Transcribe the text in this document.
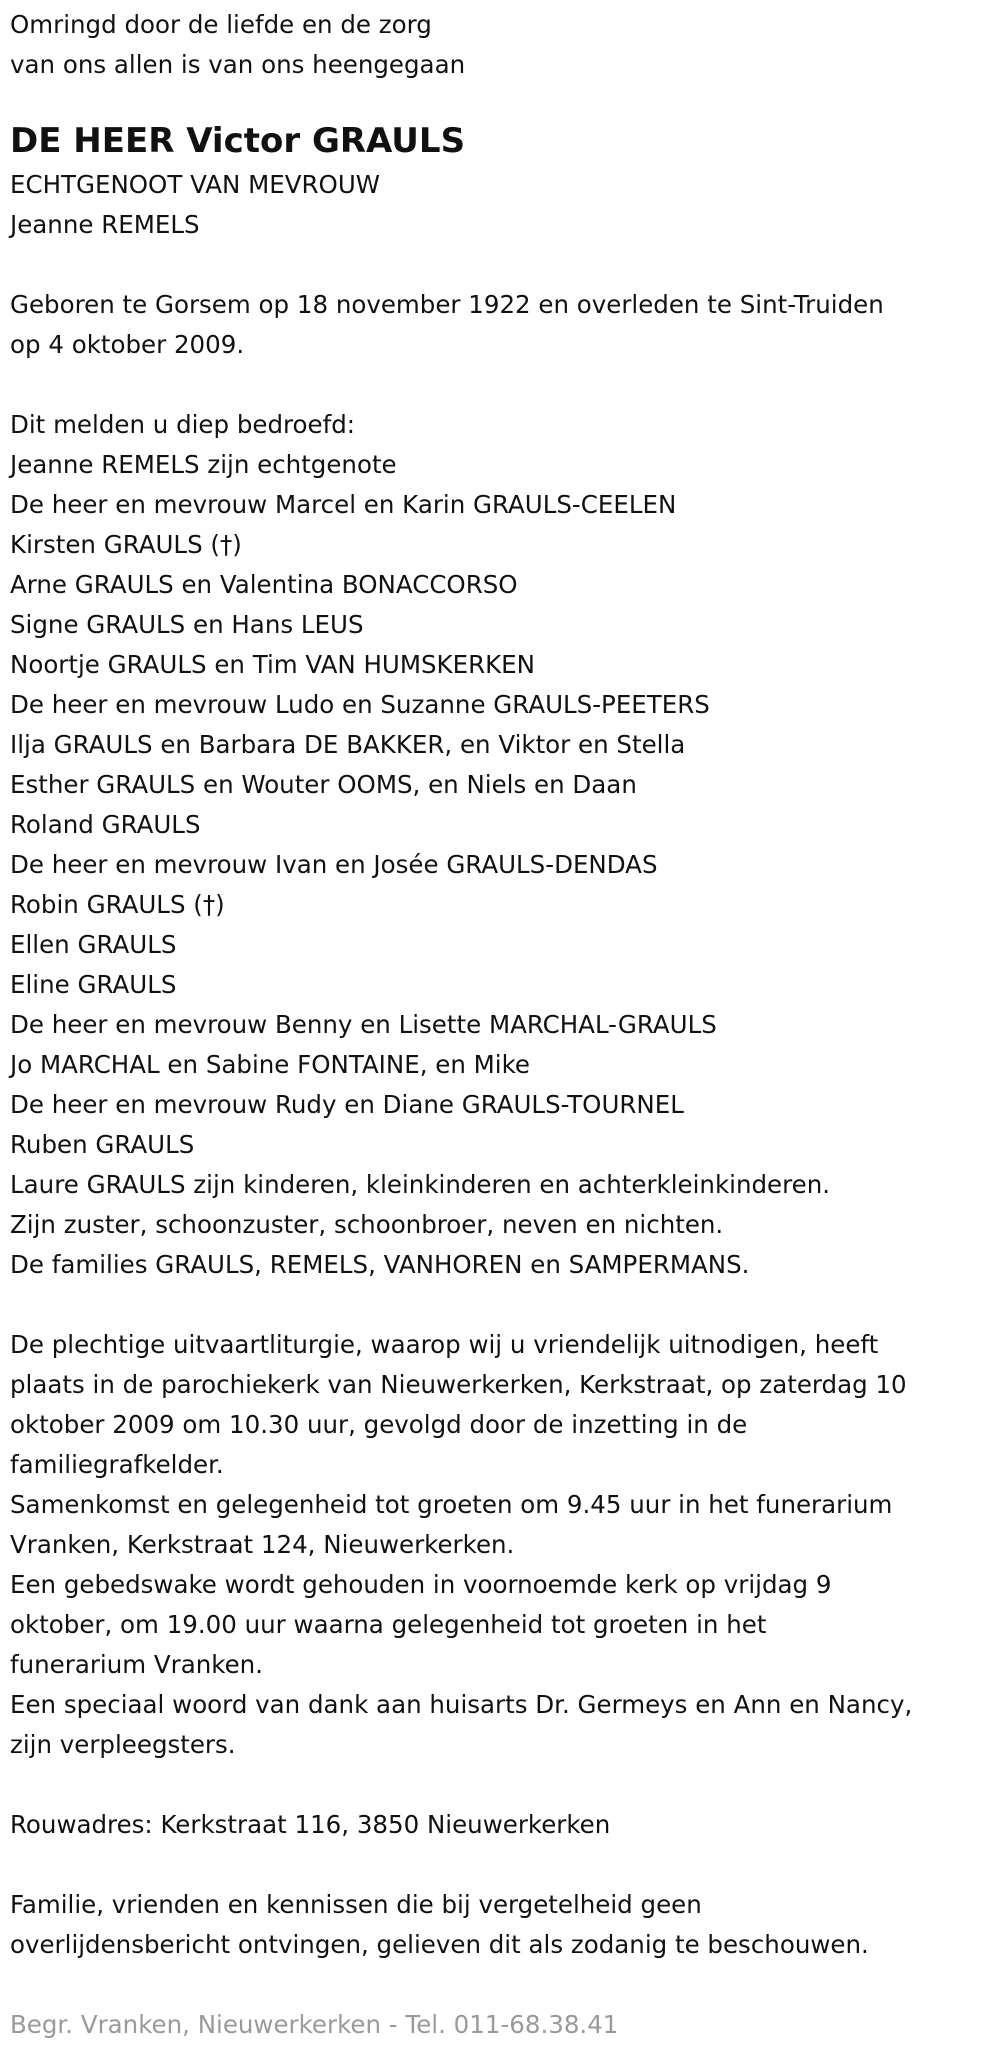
Omringd door de liefde en de zorg
van ons allen is van ons heengegaan
DE HEER Victor GRAULS
ECHTGENOOT VAN MEVROUW
Jeanne REMELS
Geboren te Gorsem op 18 november 1922 en overleden te Sint-Truiden
op 4 oktober 2009.
Dit melden u diep bedroefd:
Jeanne REMELS zijn echtgenote
De heer en mevrouw Marcel en Karin GRAULS-CEELEN
Kirsten GRAULS (†)
Arne GRAULS en Valentina BONACCORSO
Signe GRAULS en Hans LEUS
Noortje GRAULS en Tim VAN HUMSKERKEN
De heer en mevrouw Ludo en Suzanne GRAULS-PEETERS
Ilja GRAULS en Barbara DE BAKKER, en Viktor en Stella
Esther GRAULS en Wouter OOMS, en Niels en Daan
Roland GRAULS
De heer en mevrouw Ivan en Josée GRAULS-DENDAS
Robin GRAULS (†)
Ellen GRAULS
Eline GRAULS
De heer en mevrouw Benny en Lisette MARCHAL-GRAULS
Jo MARCHAL en Sabine FONTAINE, en Mike
De heer en mevrouw Rudy en Diane GRAULS-TOURNEL
Ruben GRAULS
Laure GRAULS zijn kinderen, kleinkinderen en achterkleinkinderen.
Zijn zuster, schoonzuster, schoonbroer, neven en nichten.
De families GRAULS, REMELS, VANHOREN en SAMPERMANS.
De plechtige uitvaartliturgie, waarop wij u vriendelijk uitnodigen, heeft
plaats in de parochiekerk van Nieuwerkerken, Kerkstraat, op zaterdag 10
oktober 2009 om 10.30 uur, gevolgd door de inzetting in de
familiegrafkelder.
Samenkomst en gelegenheid tot groeten om 9.45 uur in het funerarium
Vranken, Kerkstraat 124, Nieuwerkerken.
Een gebedswake wordt gehouden in voornoemde kerk op vrijdag 9
oktober, om 19.00 uur waarna gelegenheid tot groeten in het
funerarium Vranken.
Een speciaal woord van dank aan huisarts Dr. Germeys en Ann en Nancy,
zijn verpleegsters.
Rouwadres: Kerkstraat 116, 3850 Nieuwerkerken
Familie, vrienden en kennissen die bij vergetelheid geen
overlijdensbericht ontvingen, gelieven dit als zodanig te beschouwen.
Begr. Vranken, Nieuwerkerken - Tel. 011-68.38.41
